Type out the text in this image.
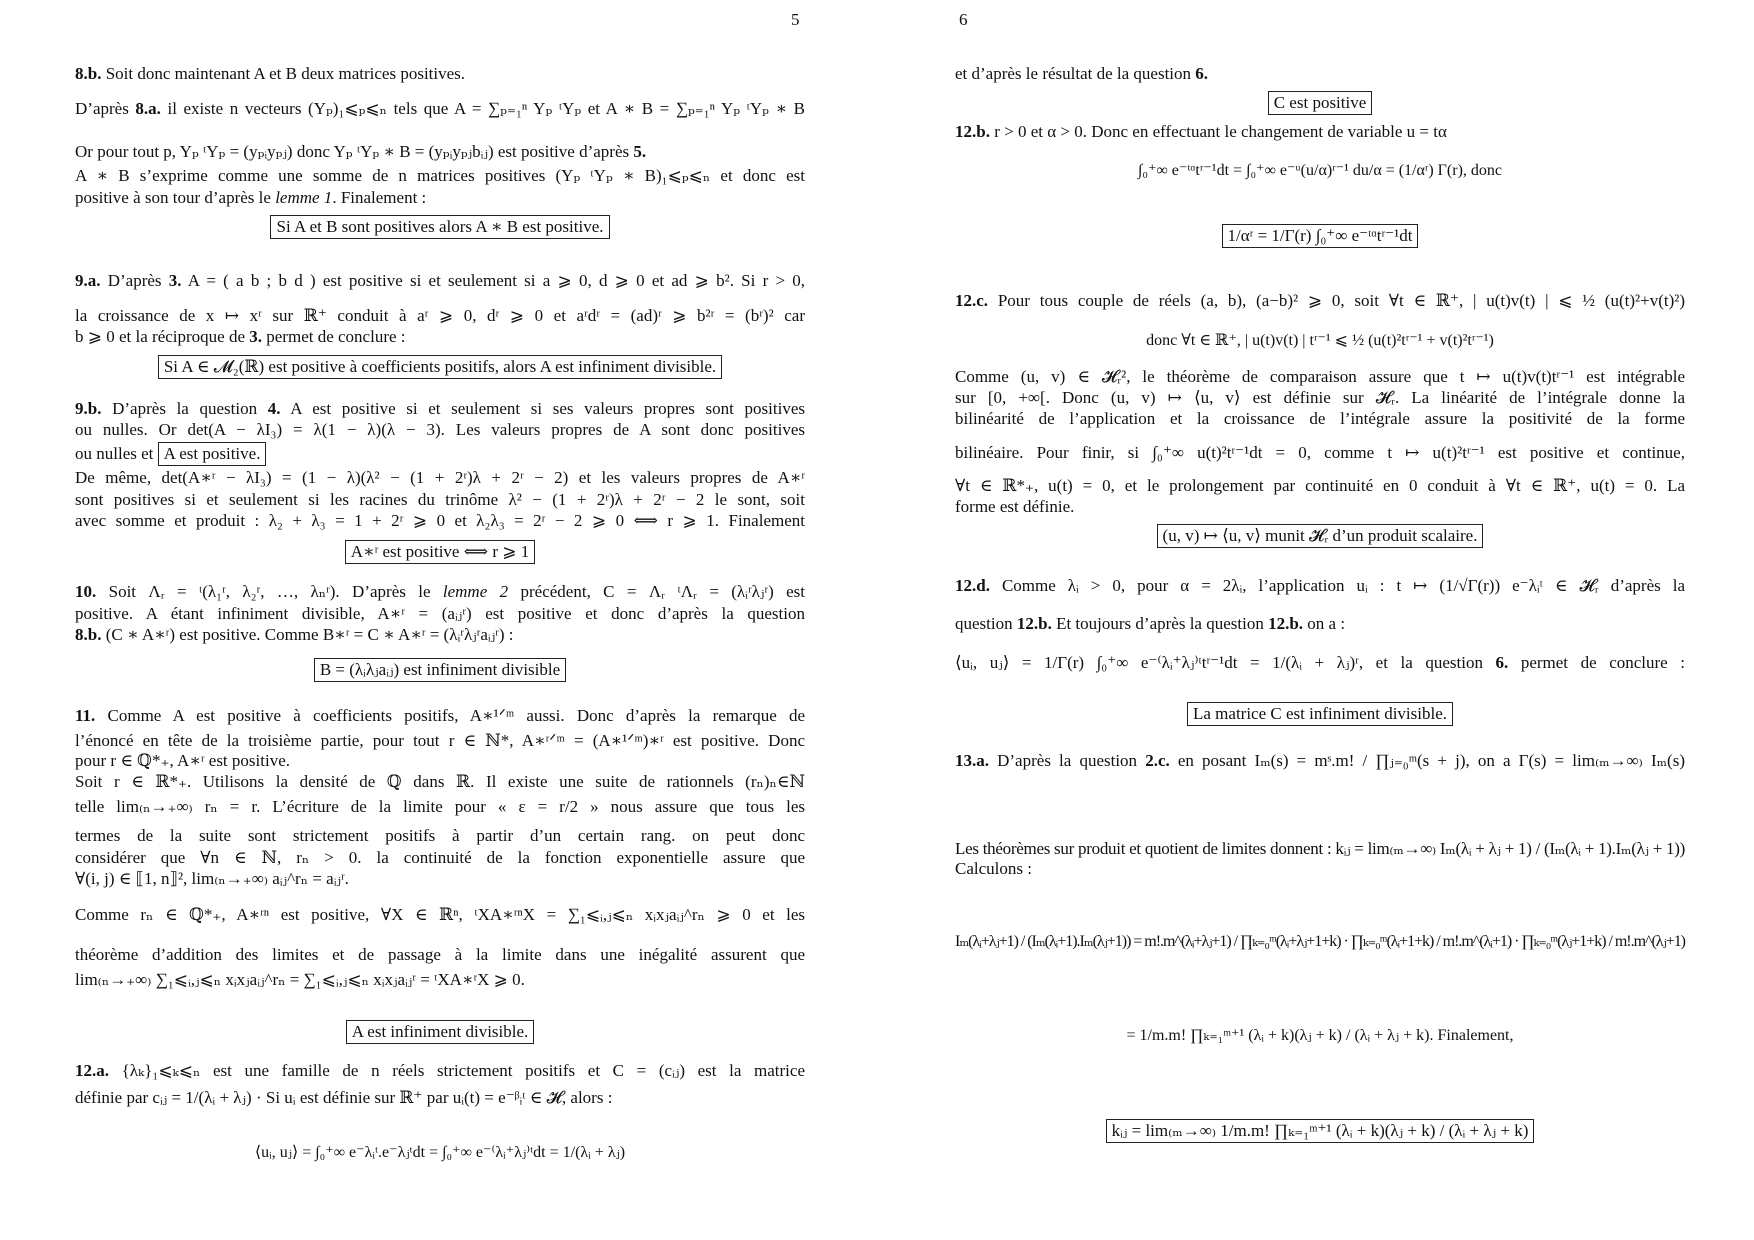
5
8.b. Soit donc maintenant A et B deux matrices positives.
D’après 8.a. il existe n vecteurs (Yₚ)₁⩽ₚ⩽ₙ tels que A = ∑ₚ₌₁ⁿ Yₚ ᵗYₚ et A ∗ B = ∑ₚ₌₁ⁿ Yₚ ᵗYₚ ∗ B
Or pour tout p, Yₚ ᵗYₚ = (yₚᵢyₚⱼ) donc Yₚ ᵗYₚ ∗ B = (yₚᵢyₚⱼbᵢⱼ) est positive d’après 5.
A ∗ B s’exprime comme une somme de n matrices positives (Yₚ ᵗYₚ ∗ B)₁⩽ₚ⩽ₙ et donc est
positive à son tour d’après le lemme 1. Finalement :
Si A et B sont positives alors A ∗ B est positive.
9.a. D’après 3. A = ( a b ; b d ) est positive si et seulement si a ⩾ 0, d ⩾ 0 et ad ⩾ b². Si r > 0,
la croissance de x ↦ xʳ sur ℝ⁺ conduit à aʳ ⩾ 0, dʳ ⩾ 0 et aʳdʳ = (ad)ʳ ⩾ b²ʳ = (bʳ)² car
b ⩾ 0 et la réciproque de 3. permet de conclure :
Si A ∈ 𝓜₂(ℝ) est positive à coefficients positifs, alors A est infiniment divisible.
9.b. D’après la question 4. A est positive si et seulement si ses valeurs propres sont positives
ou nulles. Or det(A − λI₃) = λ(1 − λ)(λ − 3). Les valeurs propres de A sont donc positives
ou nulles et A est positive.
De même, det(A∗ʳ − λI₃) = (1 − λ)(λ² − (1 + 2ʳ)λ + 2ʳ − 2) et les valeurs propres de A∗ʳ
sont positives si et seulement si les racines du trinôme λ² − (1 + 2ʳ)λ + 2ʳ − 2 le sont, soit
avec somme et produit : λ₂ + λ₃ = 1 + 2ʳ ⩾ 0 et λ₂λ₃ = 2ʳ − 2 ⩾ 0 ⟺ r ⩾ 1. Finalement
A∗ʳ est positive ⟺ r ⩾ 1
10. Soit Λᵣ = ᵗ(λ₁ʳ, λ₂ʳ, …, λₙʳ). D’après le lemme 2 précédent, C = Λᵣ ᵗΛᵣ = (λᵢʳλⱼʳ) est
positive. A étant infiniment divisible, A∗ʳ = (aᵢⱼʳ) est positive et donc d’après la question
8.b. (C ∗ A∗ʳ) est positive. Comme B∗ʳ = C ∗ A∗ʳ = (λᵢʳλⱼʳaᵢⱼʳ) :
B = (λᵢλⱼaᵢⱼ) est infiniment divisible
11. Comme A est positive à coefficients positifs, A∗¹ᐟᵐ aussi. Donc d’après la remarque de
l’énoncé en tête de la troisième partie, pour tout r ∈ ℕ*, A∗ʳᐟᵐ = (A∗¹ᐟᵐ)∗ʳ est positive. Donc
pour r ∈ ℚ*₊, A∗ʳ est positive.
Soit r ∈ ℝ*₊. Utilisons la densité de ℚ dans ℝ. Il existe une suite de rationnels (rₙ)ₙ∈ℕ
telle lim₍ₙ→₊∞₎ rₙ = r. L’écriture de la limite pour « ε = r/2 » nous assure que tous les
termes de la suite sont strictement positifs à partir d’un certain rang. on peut donc
considérer que ∀n ∈ ℕ, rₙ > 0. la continuité de la fonction exponentielle assure que
∀(i, j) ∈ ⟦1, n⟧², lim₍ₙ→₊∞₎ aᵢⱼ^rₙ = aᵢⱼʳ.
Comme rₙ ∈ ℚ*₊, A∗ʳⁿ est positive, ∀X ∈ ℝⁿ, ᵗXA∗ʳⁿX = ∑₁⩽ᵢ,ⱼ⩽ₙ xᵢxⱼaᵢⱼ^rₙ ⩾ 0 et les
théorème d’addition des limites et de passage à la limite dans une inégalité assurent que
lim₍ₙ→₊∞₎ ∑₁⩽ᵢ,ⱼ⩽ₙ xᵢxⱼaᵢⱼ^rₙ = ∑₁⩽ᵢ,ⱼ⩽ₙ xᵢxⱼaᵢⱼʳ = ᵗXA∗ʳX ⩾ 0.
A est infiniment divisible.
12.a. {λₖ}₁⩽ₖ⩽ₙ est une famille de n réels strictement positifs et C = (cᵢⱼ) est la matrice
définie par cᵢⱼ = 1/(λᵢ + λⱼ) · Si uᵢ est définie sur ℝ⁺ par uᵢ(t) = e⁻ᵝᵢᵗ ∈ 𝓗, alors :
⟨uᵢ, uⱼ⟩ = ∫₀⁺∞ e⁻λᵢᵗ.e⁻λⱼᵗdt = ∫₀⁺∞ e⁻⁽λᵢ⁺λⱼ⁾ᵗdt = 1/(λᵢ + λⱼ)
6
et d’après le résultat de la question 6.
C est positive
12.b. r > 0 et α > 0. Donc en effectuant le changement de variable u = tα
∫₀⁺∞ e⁻ᵗᵅtʳ⁻¹dt = ∫₀⁺∞ e⁻ᵘ(u/α)ʳ⁻¹ du/α = (1/αʳ) Γ(r), donc
1/αʳ = 1/Γ(r) ∫₀⁺∞ e⁻ᵗᵅtʳ⁻¹dt
12.c. Pour tous couple de réels (a, b), (a−b)² ⩾ 0, soit ∀t ∈ ℝ⁺, | u(t)v(t) | ⩽ ½ (u(t)²+v(t)²)
donc ∀t ∈ ℝ⁺, | u(t)v(t) | tʳ⁻¹ ⩽ ½ (u(t)²tʳ⁻¹ + v(t)²tʳ⁻¹)
Comme (u, v) ∈ 𝓗ᵣ², le théorème de comparaison assure que t ↦ u(t)v(t)tʳ⁻¹ est intégrable
sur [0, +∞[. Donc (u, v) ↦ ⟨u, v⟩ est définie sur 𝓗ᵣ. La linéarité de l’intégrale donne la
bilinéarité de l’application et la croissance de l’intégrale assure la positivité de la forme
bilinéaire. Pour finir, si ∫₀⁺∞ u(t)²tʳ⁻¹dt = 0, comme t ↦ u(t)²tʳ⁻¹ est positive et continue,
∀t ∈ ℝ*₊, u(t) = 0, et le prolongement par continuité en 0 conduit à ∀t ∈ ℝ⁺, u(t) = 0. La
forme est définie.
(u, v) ↦ ⟨u, v⟩ munit 𝓗ᵣ d’un produit scalaire.
12.d. Comme λᵢ > 0, pour α = 2λᵢ, l’application uᵢ : t ↦ (1/√Γ(r)) e⁻λᵢᵗ ∈ 𝓗ᵣ d’après la
question 12.b. Et toujours d’après la question 12.b. on a :
⟨uᵢ, uⱼ⟩ = 1/Γ(r) ∫₀⁺∞ e⁻⁽λᵢ⁺λⱼ⁾ᵗtʳ⁻¹dt = 1/(λᵢ + λⱼ)ʳ, et la question 6. permet de conclure :
La matrice C est infiniment divisible.
13.a. D’après la question 2.c. en posant Iₘ(s) = mˢ.m! / ∏ⱼ₌₀ᵐ(s + j), on a Γ(s) = lim₍ₘ→∞₎ Iₘ(s)
Les théorèmes sur produit et quotient de limites donnent : kᵢⱼ = lim₍ₘ→∞₎ Iₘ(λᵢ + λⱼ + 1) / (Iₘ(λᵢ + 1).Iₘ(λⱼ + 1))
Calculons :
Iₘ(λᵢ+λⱼ+1) / (Iₘ(λᵢ+1).Iₘ(λⱼ+1)) = m!.m^(λᵢ+λⱼ+1) / ∏ₖ₌₀ᵐ(λᵢ+λⱼ+1+k) · ∏ₖ₌₀ᵐ(λᵢ+1+k) / m!.m^(λᵢ+1) · ∏ₖ₌₀ᵐ(λⱼ+1+k) / m!.m^(λⱼ+1)
= 1/m.m! ∏ₖ₌₁ᵐ⁺¹ (λᵢ + k)(λⱼ + k) / (λᵢ + λⱼ + k). Finalement,
kᵢⱼ = lim₍ₘ→∞₎ 1/m.m! ∏ₖ₌₁ᵐ⁺¹ (λᵢ + k)(λⱼ + k) / (λᵢ + λⱼ + k)
